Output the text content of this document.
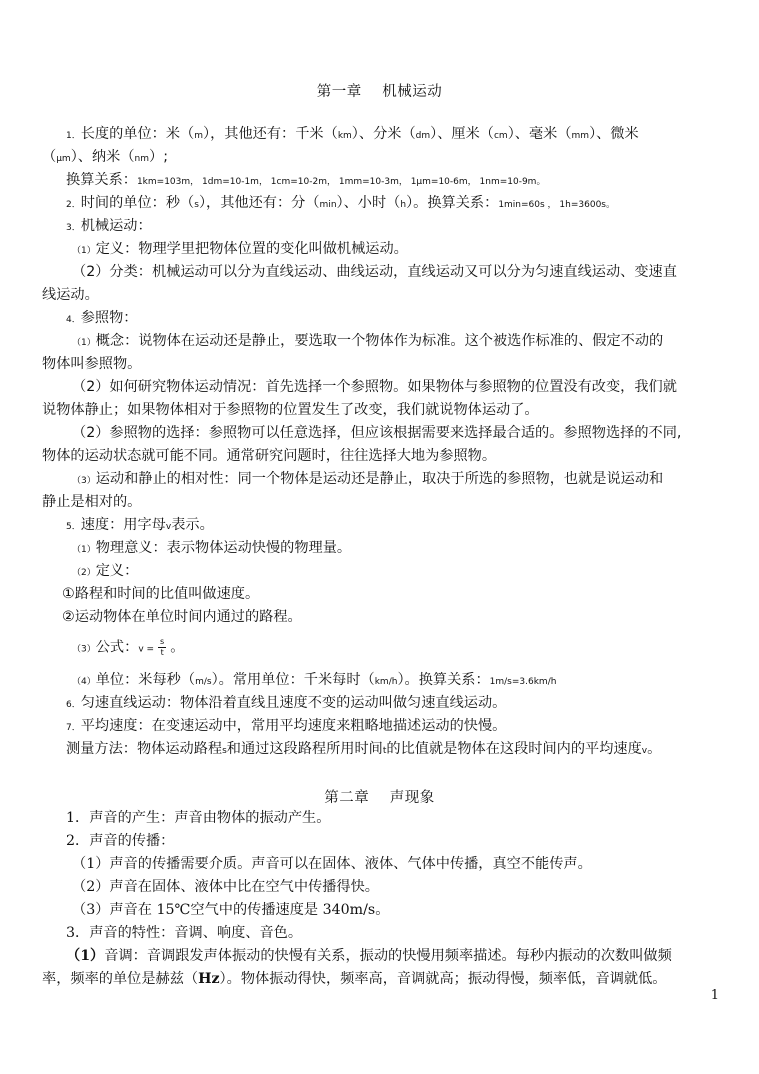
第一章    机械运动
1．长度的单位：米（m），其他还有：千米（km）、分米（dm）、厘米（cm）、毫米（mm）、微米
（μm）、纳米（nm）;
换算关系：1km=103m， 1dm=10-1m， 1cm=10-2m， 1mm=10-3m， 1μm=10-6m， 1nm=10-9m。
2．时间的单位：秒（s），其他还有：分（min）、小时（h）。换算关系：1min=60s ， 1h=3600s。
3．机械运动：
（1）定义：物理学里把物体位置的变化叫做机械运动。
（2）分类：机械运动可以分为直线运动、曲线运动，直线运动又可以分为匀速直线运动、变速直
线运动。
4．参照物：
（1）概念：说物体在运动还是静止，要选取一个物体作为标准。这个被选作标准的、假定不动的
物体叫参照物。
（2）如何研究物体运动情况：首先选择一个参照物。如果物体与参照物的位置没有改变，我们就
说物体静止；如果物体相对于参照物的位置发生了改变，我们就说物体运动了。
（2）参照物的选择：参照物可以任意选择，但应该根据需要来选择最合适的。参照物选择的不同,
物体的运动状态就可能不同。通常研究问题时，往往选择大地为参照物。
（3）运动和静止的相对性：同一个物体是运动还是静止，取决于所选的参照物，也就是说运动和
静止是相对的。
5．速度：用字母v表示。
（1）物理意义：表示物体运动快慢的物理量。
（2）定义：
①路程和时间的比值叫做速度。
②运动物体在单位时间内通过的路程。
（3）公式：$v = \frac{s}{t}$ 。
（4）单位：米每秒（m/s）。常用单位：千米每时（km/h）。换算关系：1m/s=3.6km/h
6．匀速直线运动：物体沿着直线且速度不变的运动叫做匀速直线运动。
7．平均速度：在变速运动中，常用平均速度来粗略地描述运动的快慢。
测量方法：物体运动路程s和通过这段路程所用时间t的比值就是物体在这段时间内的平均速度v。
第二章    声现象
1．声音的产生：声音由物体的振动产生。
2．声音的传播：
（1）声音的传播需要介质。声音可以在固体、液体、气体中传播，真空不能传声。
（2）声音在固体、液体中比在空气中传播得快。
（3）声音在 15℃空气中的传播速度是 340m/s。
3．声音的特性：音调、响度、音色。
（1）音调：音调跟发声体振动的快慢有关系，振动的快慢用频率描述。每秒内振动的次数叫做频
率，频率的单位是赫兹（Hz）。物体振动得快，频率高，音调就高；振动得慢，频率低，音调就低。
1
